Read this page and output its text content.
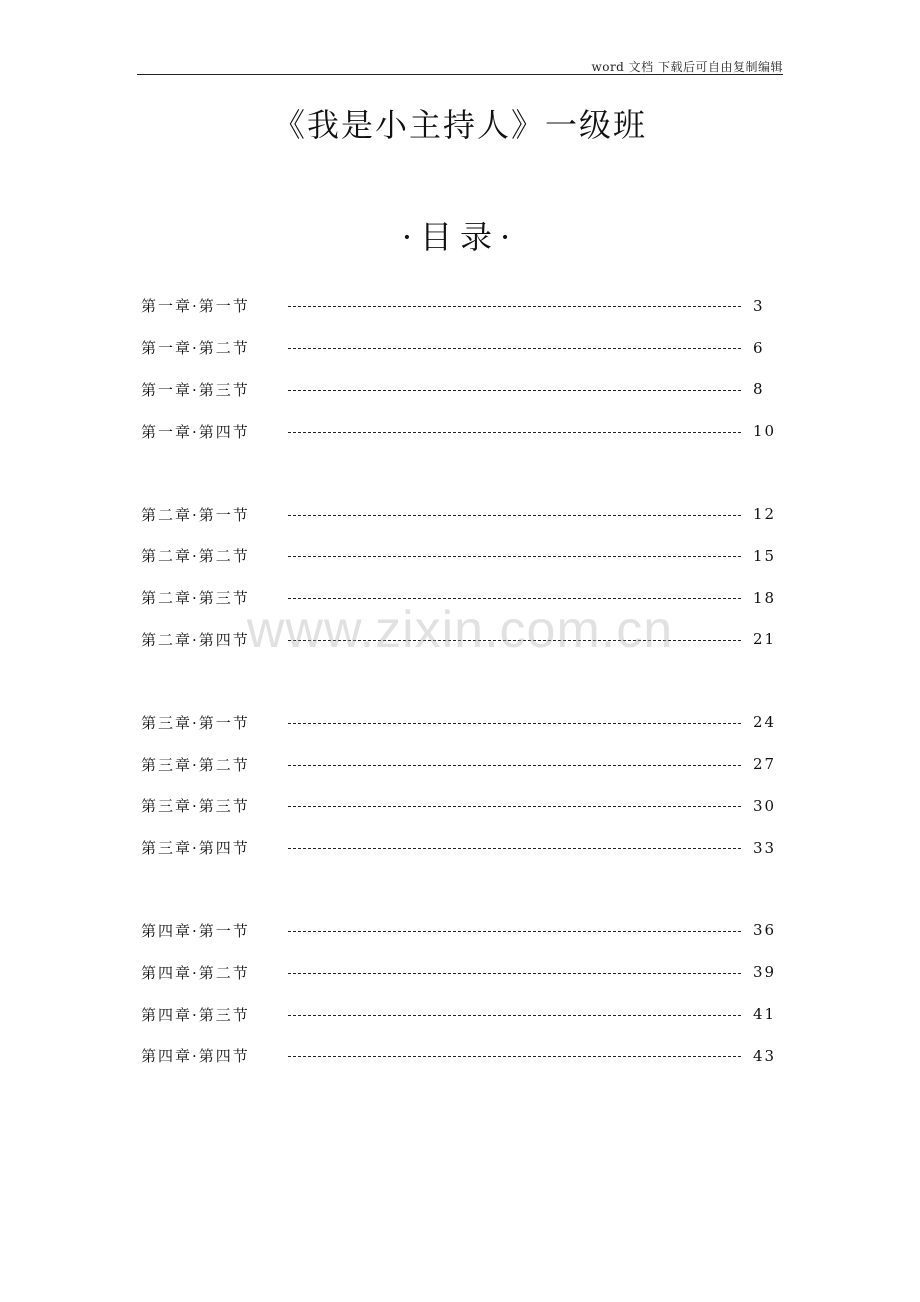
word 文档 下载后可自由复制编辑
《我是小主持人》一级班
·目录·
第一章·第一节	3
第一章·第二节	6
第一章·第三节	8
第一章·第四节	10
第二章·第一节	12
第二章·第二节	15
第二章·第三节	18
第二章·第四节	21
第三章·第一节	24
第三章·第二节	27
第三章·第三节	30
第三章·第四节	33
第四章·第一节	36
第四章·第二节	39
第四章·第三节	41
第四章·第四节	43
www.zixin.com.cn
